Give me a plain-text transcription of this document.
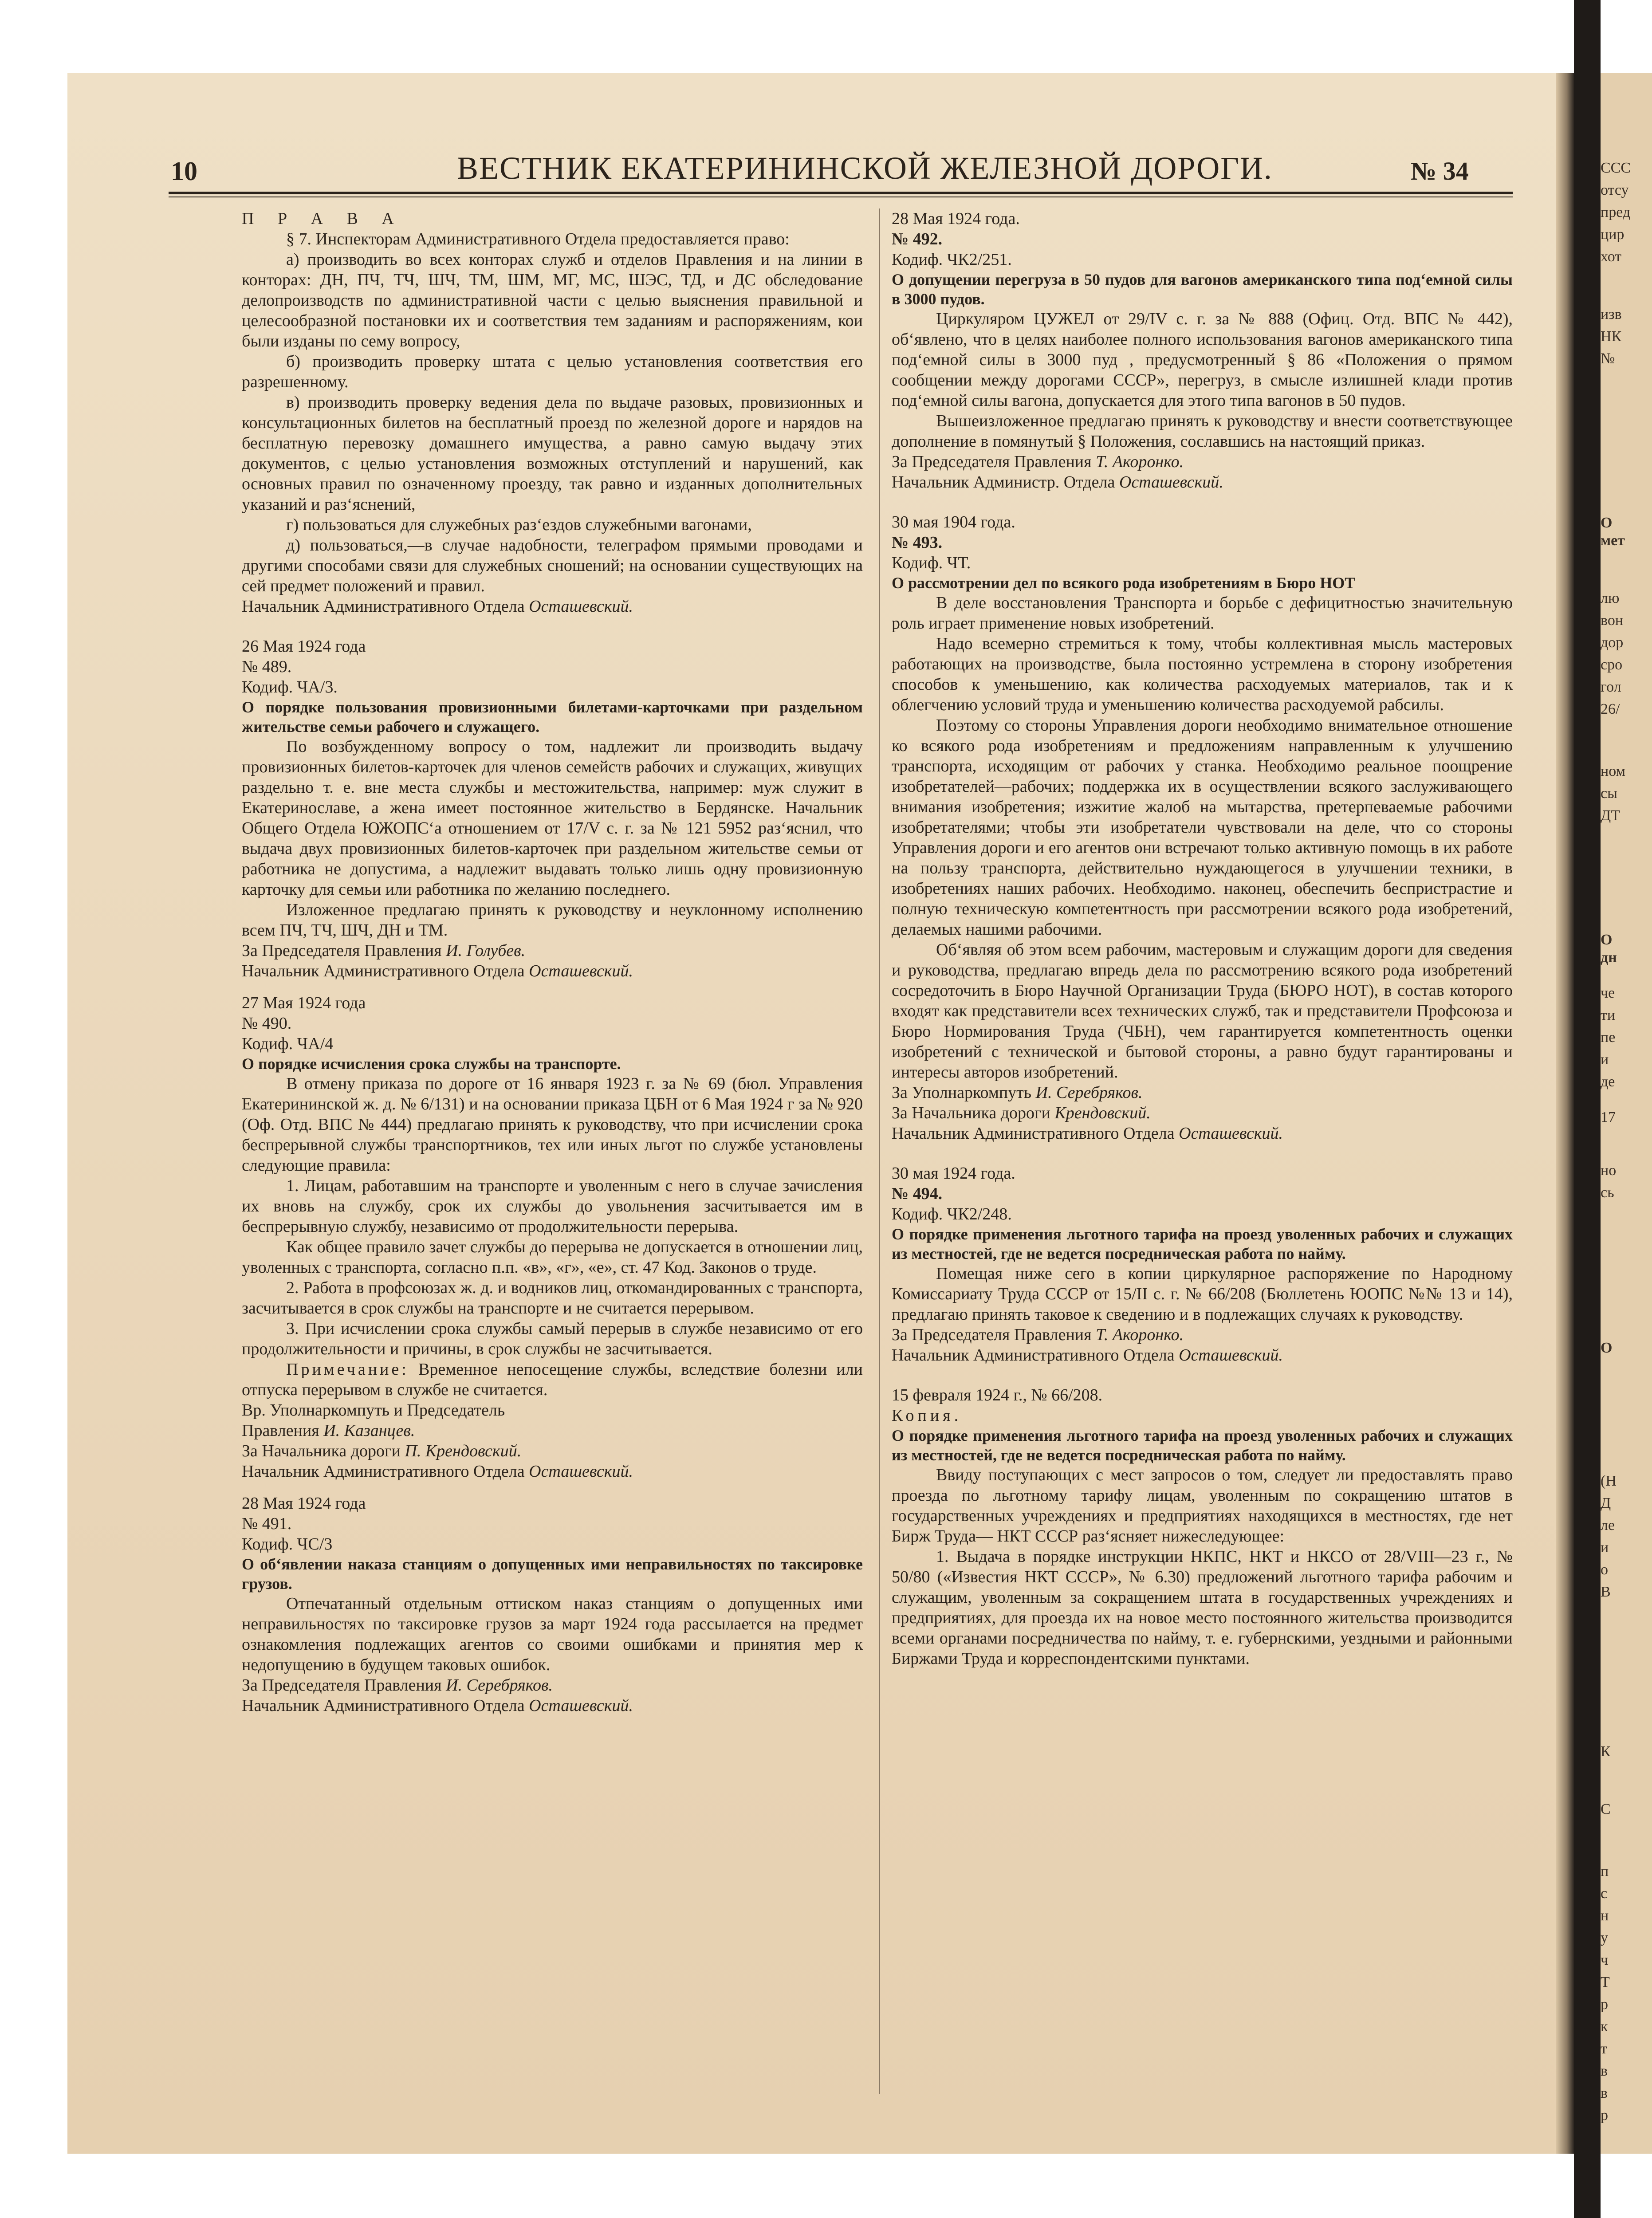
ССС
отсу
пред
цир
хот
изв
НК
№
О
мет
лю
вон
дор
сро
гол
26/
ном
сы
ДТ
О
дн
че
ти
пе
и
де
17
но
сь
О
(Н
Д
ле
и
о
В
К
С
п
с
н
у
ч
Т
р
к
т
в
в
р
10	ВЕСТНИК ЕКАТЕРИНИНСКОЙ ЖЕЛЕЗНОЙ ДОРОГИ.	№ 34

П Р А В А

§ 7. Инспекторам Административного Отдела предоставляется право:

а) производить во всех конторах служб и отделов Правления и на линии в конторах: ДН, ПЧ, ТЧ, ШЧ, ТМ, ШМ, МГ, МС, ШЭС, ТД, и ДС обследование делопроизводств по административной части с целью выяснения правильной и целесообразной постановки их и соответствия тем заданиям и распоряжениям, кои были изданы по сему вопросу,

б) производить проверку штата с целью установления соответствия его разрешенному.

в) производить проверку ведения дела по выдаче разовых, провизионных и консультационных билетов на бесплатный проезд по железной дороге и нарядов на бесплатную перевозку домашнего имущества, а равно самую выдачу этих документов, с целью установления возможных отступлений и нарушений, как основных правил по означенному проезду, так равно и изданных дополнительных указаний и раз‘яснений,

г) пользоваться для служебных раз‘ездов служебными вагонами,

д) пользоваться,—в случае надобности, телеграфом прямыми проводами и другими способами связи для служебных сношений; на основании существующих на сей предмет положений и правил.

Начальник Административного Отдела Осташевский.

26 Мая 1924 года

№ 489.

Кодиф. ЧА/3.

О порядке пользования провизионными билетами-карточками при раздельном жительстве семьи рабочего и служащего.

По возбужденному вопросу о том, надлежит ли производить выдачу провизионных билетов-карточек для членов семейств рабочих и служащих, живущих раздельно т. е. вне места службы и местожительства, например: муж служит в Екатеринославе, а жена имеет постоянное жительство в Бердянске. Начальник Общего Отдела ЮЖОПС‘а отношением от 17/V с. г. за № 121 5952 раз‘яснил, что выдача двух провизионных билетов-карточек при раздельном жительстве семьи от работника не допустима, а надлежит выдавать только лишь одну провизионную карточку для семьи или работника по желанию последнего.

Изложенное предлагаю принять к руководству и неуклонному исполнению всем ПЧ, ТЧ, ШЧ, ДН и ТМ.

За Председателя Правления И. Голубев.

Начальник Административного Отдела Осташевский.

27 Мая 1924 года

№ 490.

Кодиф. ЧА/4

О порядке исчисления срока службы на транспорте.

В отмену приказа по дороге от 16 января 1923 г. за № 69 (бюл. Управления Екатерининской ж. д. № 6/131) и на основании приказа ЦБН от 6 Мая 1924 г за № 920 (Оф. Отд. ВПС № 444) предлагаю принять к руководству, что при исчислении срока беспрерывной службы транспортников, тех или иных льгот по службе установлены следующие правила:

1. Лицам, работавшим на транспорте и уволенным с него в случае зачисления их вновь на службу, срок их службы до увольнения засчитывается им в беспрерывную службу, независимо от продолжительности перерыва.

Как общее правило зачет службы до перерыва не допускается в отношении лиц, уволенных с транспорта, согласно п.п. «в», «г», «е», ст. 47 Код. Законов о труде.

2. Работа в профсоюзах ж. д. и водников лиц, откомандированных с транспорта, засчитывается в срок службы на транспорте и не считается перерывом.

3. При исчислении срока службы самый перерыв в службе независимо от его продолжительности и причины, в срок службы не засчитывается.

Примечание: Временное непосещение службы, вследствие болезни или отпуска перерывом в службе не считается.

Вр. Уполнаркомпуть и Председатель

Правления И. Казанцев.

За Начальника дороги П. Крендовский.

Начальник Административного Отдела Осташевский.

28 Мая 1924 года

№ 491.

Кодиф. ЧС/3

О об‘явлении наказа станциям о допущенных ими неправильностях по таксировке грузов.

Отпечатанный отдельным оттиском наказ станциям о допущенных ими неправильностях по таксировке грузов за март 1924 года рассылается на предмет ознакомления подлежащих агентов со своими ошибками и принятия мер к недопущению в будущем таковых ошибок.

За Председателя Правления И. Серебряков.

Начальник Административного Отдела Осташевский.

28 Мая 1924 года.

№ 492.

Кодиф. ЧК2/251.

О допущении перегруза в 50 пудов для вагонов американского типа под‘емной силы в 3000 пудов.

Циркуляром ЦУЖЕЛ от 29/IV с. г. за № 888 (Офиц. Отд. ВПС № 442), об‘явлено, что в целях наиболее полного использования вагонов американского типа под‘емной силы в 3000 пуд , предусмотренный § 86 «Положения о прямом сообщении между дорогами СССР», перегруз, в смысле излишней клади против под‘емной силы вагона, допускается для этого типа вагонов в 50 пудов.

Вышеизложенное предлагаю принять к руководству и внести соответствующее дополнение в помянутый § Положения, сославшись на настоящий приказ.

За Председателя Правления Т. Акоронко.

Начальник Администр. Отдела Осташевский.

30 мая 1904 года.

№ 493.

Кодиф. ЧТ.

О рассмотрении дел по всякого рода изобретениям в Бюро НОТ

В деле восстановления Транспорта и борьбе с дефицитностью значительную роль играет применение новых изобретений.

Надо всемерно стремиться к тому, чтобы коллективная мысль мастеровых работающих на производстве, была постоянно устремлена в сторону изобретения способов к уменьшению, как количества расходуемых материалов, так и к облегчению условий труда и уменьшению количества расходуемой рабсилы.

Поэтому со стороны Управления дороги необходимо внимательное отношение ко всякого рода изобретениям и предложениям направленным к улучшению транспорта, исходящим от рабочих у станка. Необходимо реальное поощрение изобретателей—рабочих; поддержка их в осуществлении всякого заслуживающего внимания изобретения; изжитие жалоб на мытарства, претерпеваемые рабочими изобретателями; чтобы эти изобретатели чувствовали на деле, что со стороны Управления дороги и его агентов они встречают только активную помощь в их работе на пользу транспорта, действительно нуждающегося в улучшении техники, в изобретениях наших рабочих. Необходимо. наконец, обеспечить беспристрастие и полную техническую компетентность при рассмотрении всякого рода изобретений, делаемых нашими рабочими.

Об‘являя об этом всем рабочим, мастеровым и служащим дороги для сведения и руководства, предлагаю впредь дела по рассмотрению всякого рода изобретений сосредоточить в Бюро Научной Организации Труда (БЮРО НОТ), в состав которого входят как представители всех технических служб, так и представители Профсоюза и Бюро Нормирования Труда (ЧБН), чем гарантируется компетентность оценки изобретений с технической и бытовой стороны, а равно будут гарантированы и интересы авторов изобретений.

За Уполнаркомпуть И. Серебряков.

За Начальника дороги Крендовский.

Начальник Административного Отдела Осташевский.

30 мая 1924 года.

№ 494.

Кодиф. ЧК2/248.

О порядке применения льготного тарифа на проезд уволенных рабочих и служащих из местностей, где не ведется посредническая работа по найму.

Помещая ниже сего в копии циркулярное распоряжение по Народному Комиссариату Труда СССР от 15/II с. г. № 66/208 (Бюллетень ЮОПС №№ 13 и 14), предлагаю принять таковое к сведению и в подлежащих случаях к руководству.

За Председателя Правления Т. Акоронко.

Начальник Административного Отдела Осташевский.

15 февраля 1924 г., № 66/208.

Копия.

О порядке применения льготного тарифа на проезд уволенных рабочих и служащих из местностей, где не ведется посредническая работа по найму.

Ввиду поступающих с мест запросов о том, следует ли предоставлять право проезда по льготному тарифу лицам, уволенным по сокращению штатов в государственных учреждениях и предприятиях находящихся в местностях, где нет Бирж Труда— НКТ СССР раз‘ясняет нижеследующее:

1. Выдача в порядке инструкции НКПС, НКТ и НКСО от 28/VIII—23 г., № 50/80 («Известия НКТ СССР», № 6.30) предложений льготного тарифа рабочим и служащим, уволенным за сокращением штата в государственных учреждениях и предприятиях, для проезда их на новое место постоянного жительства производится всеми органами посредничества по найму, т. е. губернскими, уездными и районными Биржами Труда и корреспондентскими пунктами.
